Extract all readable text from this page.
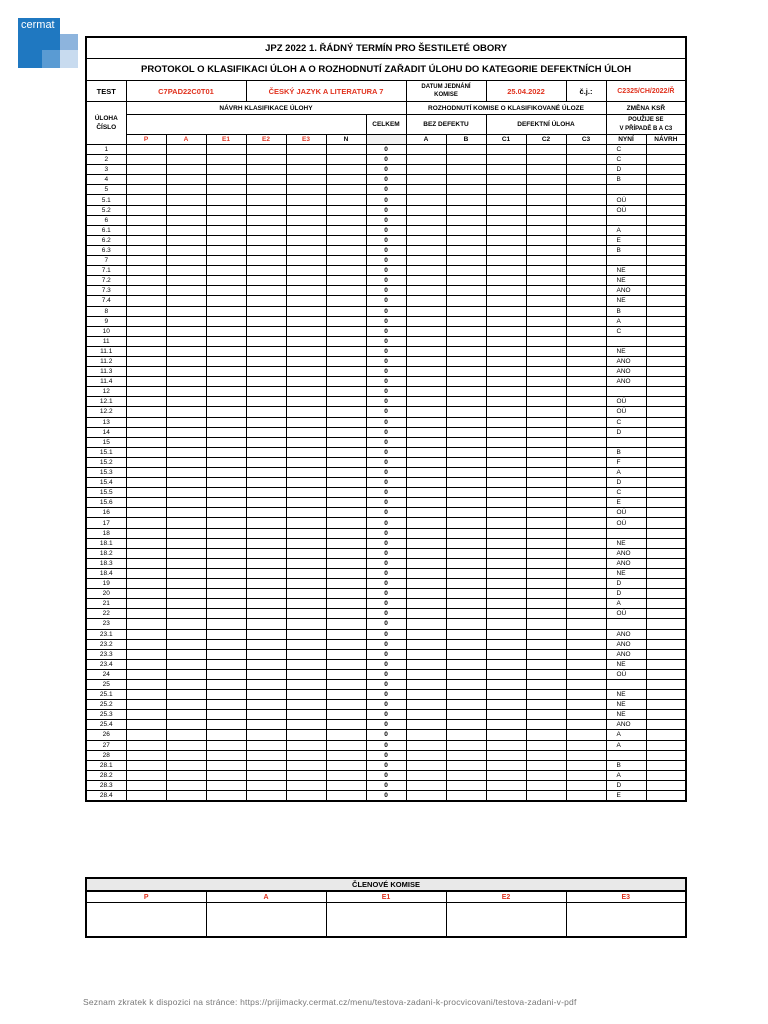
cermat
JPZ 2022 1. ŘÁDNÝ TERMÍN PRO ŠESTILETÉ OBORY														
PROTOKOL O KLASIFIKACI ÚLOH A O ROZHODNUTÍ ZAŘADIT ÚLOHU DO KATEGORIE DEFEKTNÍCH ÚLOH														
TEST	C7PAD22C0T01			ČESKÝ JAZYK A LITERATURA 7				DATUM JEDNÁNÍ
KOMISE		25.04.2022		č.j.:	C2325/CH/2022/Ř	

ÚLOHA
ČÍSLO	NÁVRH KLASIFIKACE ÚLOHY							ROZHODNUTÍ KOMISE O KLASIFIKOVANÉ ÚLOZE					ZMĚNA KSŘ	
							CELKEM	BEZ DEFEKTU		DEFEKTNÍ ÚLOHA			POUŽIJE SE
V PŘÍPADĚ B A C3	

	P	A	E1	E2	E3	N		A	B	C1	C2	C3	NYNÍ	NÁVRH
1							0						C	
2							0						C	
3							0						D	
4							0						B	
5							0							
5.1							0						OÚ	
5.2							0						OÚ	
6							0							
6.1							0						A	
6.2							0						E	
6.3							0						B	
7							0							
7.1							0						NE	
7.2							0						NE	
7.3							0						ANO	
7.4							0						NE	
8							0						B	
9							0						A	
10							0						C	
11							0							
11.1							0						NE	
11.2							0						ANO	
11.3							0						ANO	
11.4							0						ANO	
12							0							
12.1							0						OÚ	
12.2							0						OÚ	
13							0						C	
14							0						D	
15							0							
15.1							0						B	
15.2							0						F	
15.3							0						A	
15.4							0						D	
15.5							0						C	
15.6							0						E	
16							0						OÚ	
17							0						OÚ	
18							0							
18.1							0						NE	
18.2							0						ANO	
18.3							0						ANO	
18.4							0						NE	
19							0						D	
20							0						D	
21							0						A	
22							0						OÚ	
23							0							
23.1							0						ANO	
23.2							0						ANO	
23.3							0						ANO	
23.4							0						NE	
24							0						OÚ	
25							0							
25.1							0						NE	
25.2							0						NE	
25.3							0						NE	
25.4							0						ANO	
26							0						A	
27							0						A	
28							0							
28.1							0						B	
28.2							0						A	
28.3							0						D	
28.4							0						E	
ČLENOVÉ KOMISE				
P	A	E1	E2	E3

Seznam zkratek k dispozici na stránce: https://prijimacky.cermat.cz/menu/testova-zadani-k-procvicovani/testova-zadani-v-pdf
